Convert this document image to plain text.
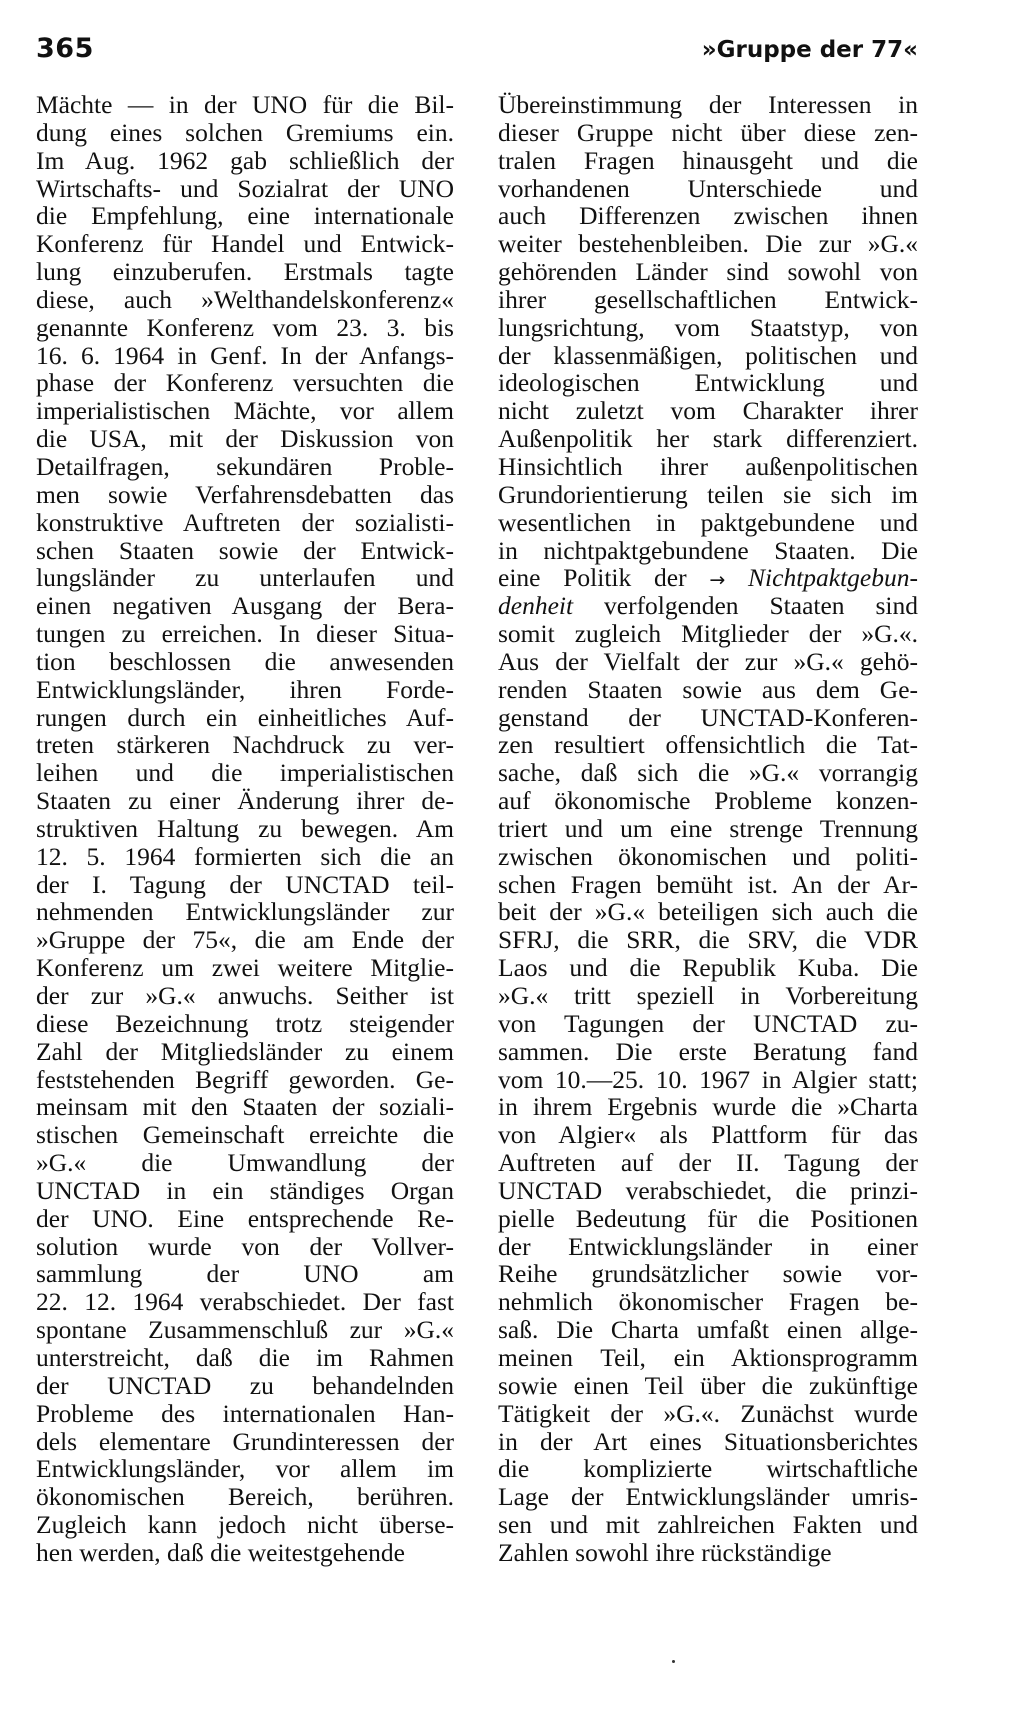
365	»Gruppe der 77«
Mächte — in der UNO für die Bil-
dung eines solchen Gremiums ein.
Im Aug. 1962 gab schließlich der
Wirtschafts- und Sozialrat der UNO
die Empfehlung, eine internationale
Konferenz für Handel und Entwick-
lung einzuberufen. Erstmals tagte
diese, auch »Welthandelskonferenz«
genannte Konferenz vom 23. 3. bis
16. 6. 1964 in Genf. In der Anfangs-
phase der Konferenz versuchten die
imperialistischen Mächte, vor allem
die USA, mit der Diskussion von
Detailfragen, sekundären Proble-
men sowie Verfahrensdebatten das
konstruktive Auftreten der sozialisti-
schen Staaten sowie der Entwick-
lungsländer zu unterlaufen und
einen negativen Ausgang der Bera-
tungen zu erreichen. In dieser Situa-
tion beschlossen die anwesenden
Entwicklungsländer, ihren Forde-
rungen durch ein einheitliches Auf-
treten stärkeren Nachdruck zu ver-
leihen und die imperialistischen
Staaten zu einer Änderung ihrer de-
struktiven Haltung zu bewegen. Am
12. 5. 1964 formierten sich die an
der I. Tagung der UNCTAD teil-
nehmenden Entwicklungsländer zur
»Gruppe der 75«, die am Ende der
Konferenz um zwei weitere Mitglie-
der zur »G.« anwuchs. Seither ist
diese Bezeichnung trotz steigender
Zahl der Mitgliedsländer zu einem
feststehenden Begriff geworden. Ge-
meinsam mit den Staaten der soziali-
stischen Gemeinschaft erreichte die
»G.« die Umwandlung der
UNCTAD in ein ständiges Organ
der UNO. Eine entsprechende Re-
solution wurde von der Vollver-
sammlung der UNO am
22. 12. 1964 verabschiedet. Der fast
spontane Zusammenschluß zur »G.«
unterstreicht, daß die im Rahmen
der UNCTAD zu behandelnden
Probleme des internationalen Han-
dels elementare Grundinteressen der
Entwicklungsländer, vor allem im
ökonomischen Bereich, berühren.
Zugleich kann jedoch nicht überse-
hen werden, daß die weitestgehende
Übereinstimmung der Interessen in
dieser Gruppe nicht über diese zen-
tralen Fragen hinausgeht und die
vorhandenen Unterschiede und
auch Differenzen zwischen ihnen
weiter bestehenbleiben. Die zur »G.«
gehörenden Länder sind sowohl von
ihrer gesellschaftlichen Entwick-
lungsrichtung, vom Staatstyp, von
der klassenmäßigen, politischen und
ideologischen Entwicklung und
nicht zuletzt vom Charakter ihrer
Außenpolitik her stark differenziert.
Hinsichtlich ihrer außenpolitischen
Grundorientierung teilen sie sich im
wesentlichen in paktgebundene und
in nichtpaktgebundene Staaten. Die
eine Politik der → Nichtpaktgebun-
denheit verfolgenden Staaten sind
somit zugleich Mitglieder der »G.«.
Aus der Vielfalt der zur »G.« gehö-
renden Staaten sowie aus dem Ge-
genstand der UNCTAD-Konferen-
zen resultiert offensichtlich die Tat-
sache, daß sich die »G.« vorrangig
auf ökonomische Probleme konzen-
triert und um eine strenge Trennung
zwischen ökonomischen und politi-
schen Fragen bemüht ist. An der Ar-
beit der »G.« beteiligen sich auch die
SFRJ, die SRR, die SRV, die VDR
Laos und die Republik Kuba. Die
»G.« tritt speziell in Vorbereitung
von Tagungen der UNCTAD zu-
sammen. Die erste Beratung fand
vom 10.—25. 10. 1967 in Algier statt;
in ihrem Ergebnis wurde die »Charta
von Algier« als Plattform für das
Auftreten auf der II. Tagung der
UNCTAD verabschiedet, die prinzi-
pielle Bedeutung für die Positionen
der Entwicklungsländer in einer
Reihe grundsätzlicher sowie vor-
nehmlich ökonomischer Fragen be-
saß. Die Charta umfaßt einen allge-
meinen Teil, ein Aktionsprogramm
sowie einen Teil über die zukünftige
Tätigkeit der »G.«. Zunächst wurde
in der Art eines Situationsberichtes
die komplizierte wirtschaftliche
Lage der Entwicklungsländer umris-
sen und mit zahlreichen Fakten und
Zahlen sowohl ihre rückständige
